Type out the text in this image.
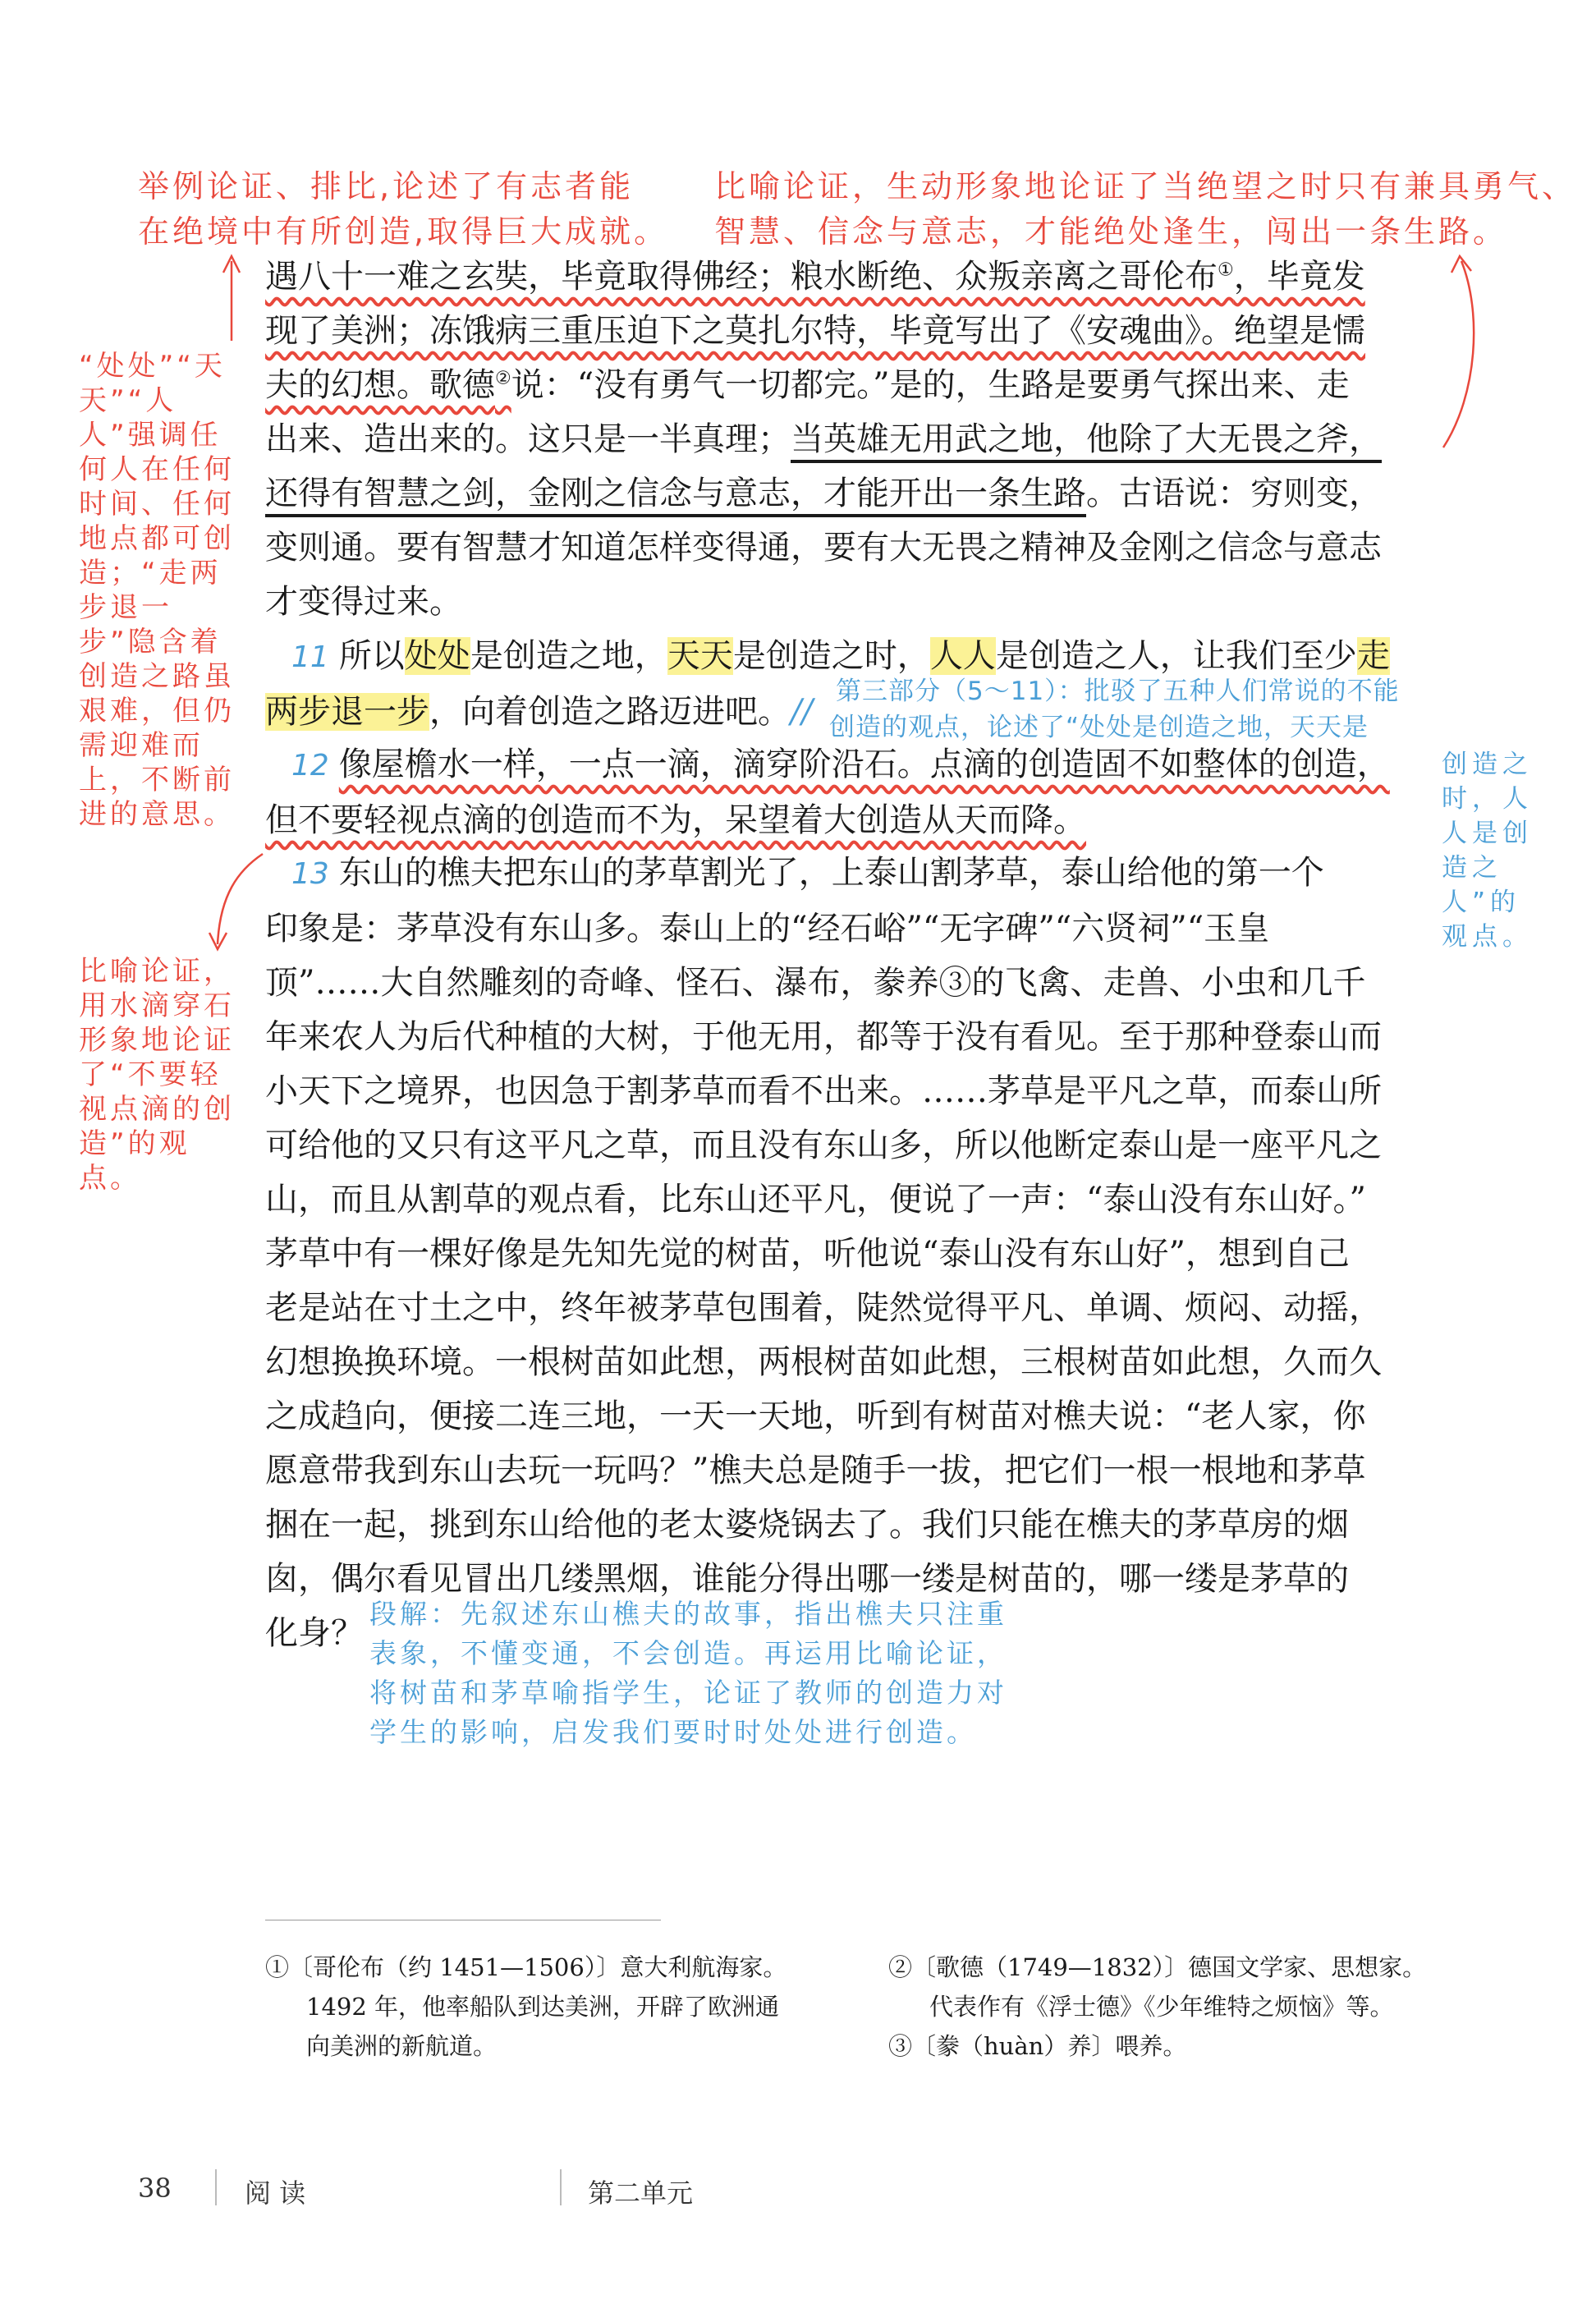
举例论证、排比,论述了有志者能
在绝境中有所创造,取得巨大成就。
比喻论证，生动形象地论证了当绝望之时只有兼具勇气、
智慧、信念与意志，才能绝处逢生，闯出一条生路。
遇八十一难之玄奘，毕竟取得佛经；粮水断绝、众叛亲离之哥伦布①，毕竟发
现了美洲；冻饿病三重压迫下之莫扎尔特，毕竟写出了《安魂曲》。绝望是懦
夫的幻想。歌德②说：“没有勇气一切都完。”是的，生路是要勇气探出来、走
出来、造出来的。这只是一半真理；当英雄无用武之地，他除了大无畏之斧，
还得有智慧之剑，金刚之信念与意志，才能开出一条生路。古语说：穷则变，
变则通。要有智慧才知道怎样变得通，要有大无畏之精神及金刚之信念与意志
才变得过来。
11 所以处处是创造之地，天天是创造之时，人人是创造之人，让我们至少走
两步退一步，向着创造之路迈进吧。//
12 像屋檐水一样，一点一滴，滴穿阶沿石。点滴的创造固不如整体的创造，
但不要轻视点滴的创造而不为，呆望着大创造从天而降。
13 东山的樵夫把东山的茅草割光了，上泰山割茅草，泰山给他的第一个
印象是：茅草没有东山多。泰山上的“经石峪”“无字碑”“六贤祠”“玉皇
顶”……大自然雕刻的奇峰、怪石、瀑布，豢养③的飞禽、走兽、小虫和几千
年来农人为后代种植的大树，于他无用，都等于没有看见。至于那种登泰山而
小天下之境界，也因急于割茅草而看不出来。……茅草是平凡之草，而泰山所
可给他的又只有这平凡之草，而且没有东山多，所以他断定泰山是一座平凡之
山，而且从割草的观点看，比东山还平凡，便说了一声：“泰山没有东山好。”
茅草中有一棵好像是先知先觉的树苗，听他说“泰山没有东山好”，想到自己
老是站在寸土之中，终年被茅草包围着，陡然觉得平凡、单调、烦闷、动摇，
幻想换换环境。一根树苗如此想，两根树苗如此想，三根树苗如此想，久而久
之成趋向，便接二连三地，一天一天地，听到有树苗对樵夫说：“老人家，你
愿意带我到东山去玩一玩吗？”樵夫总是随手一拔，把它们一根一根地和茅草
捆在一起，挑到东山给他的老太婆烧锅去了。我们只能在樵夫的茅草房的烟
囱，偶尔看见冒出几缕黑烟，谁能分得出哪一缕是树苗的，哪一缕是茅草的
化身？
“处处”“天天”“人人”强调任何人在任何时间、任何地点都可创造；“走两步退一步”隐含着创造之路虽艰难，但仍需迎难而上，不断前进的意思。
比喻论证，用水滴穿石形象地论证了“不要轻视点滴的创造”的观点。
第三部分（5～11）：批驳了五种人们常说的不能
创造的观点，论述了“处处是创造之地，天天是
创造之时，人人是创造之人”的观点。
段解：先叙述东山樵夫的故事，指出樵夫只注重
表象，不懂变通，不会创造。再运用比喻论证，
将树苗和茅草喻指学生，论证了教师的创造力对
学生的影响，启发我们要时时处处进行创造。
①〔哥伦布（约 1451—1506）〕意大利航海家。
1492 年，他率船队到达美洲，开辟了欧洲通
向美洲的新航道。
②〔歌德（1749—1832）〕德国文学家、思想家。
代表作有《浮士德》《少年维特之烦恼》等。
③〔豢（huàn）养〕喂养。
38	阅 读	第二单元
